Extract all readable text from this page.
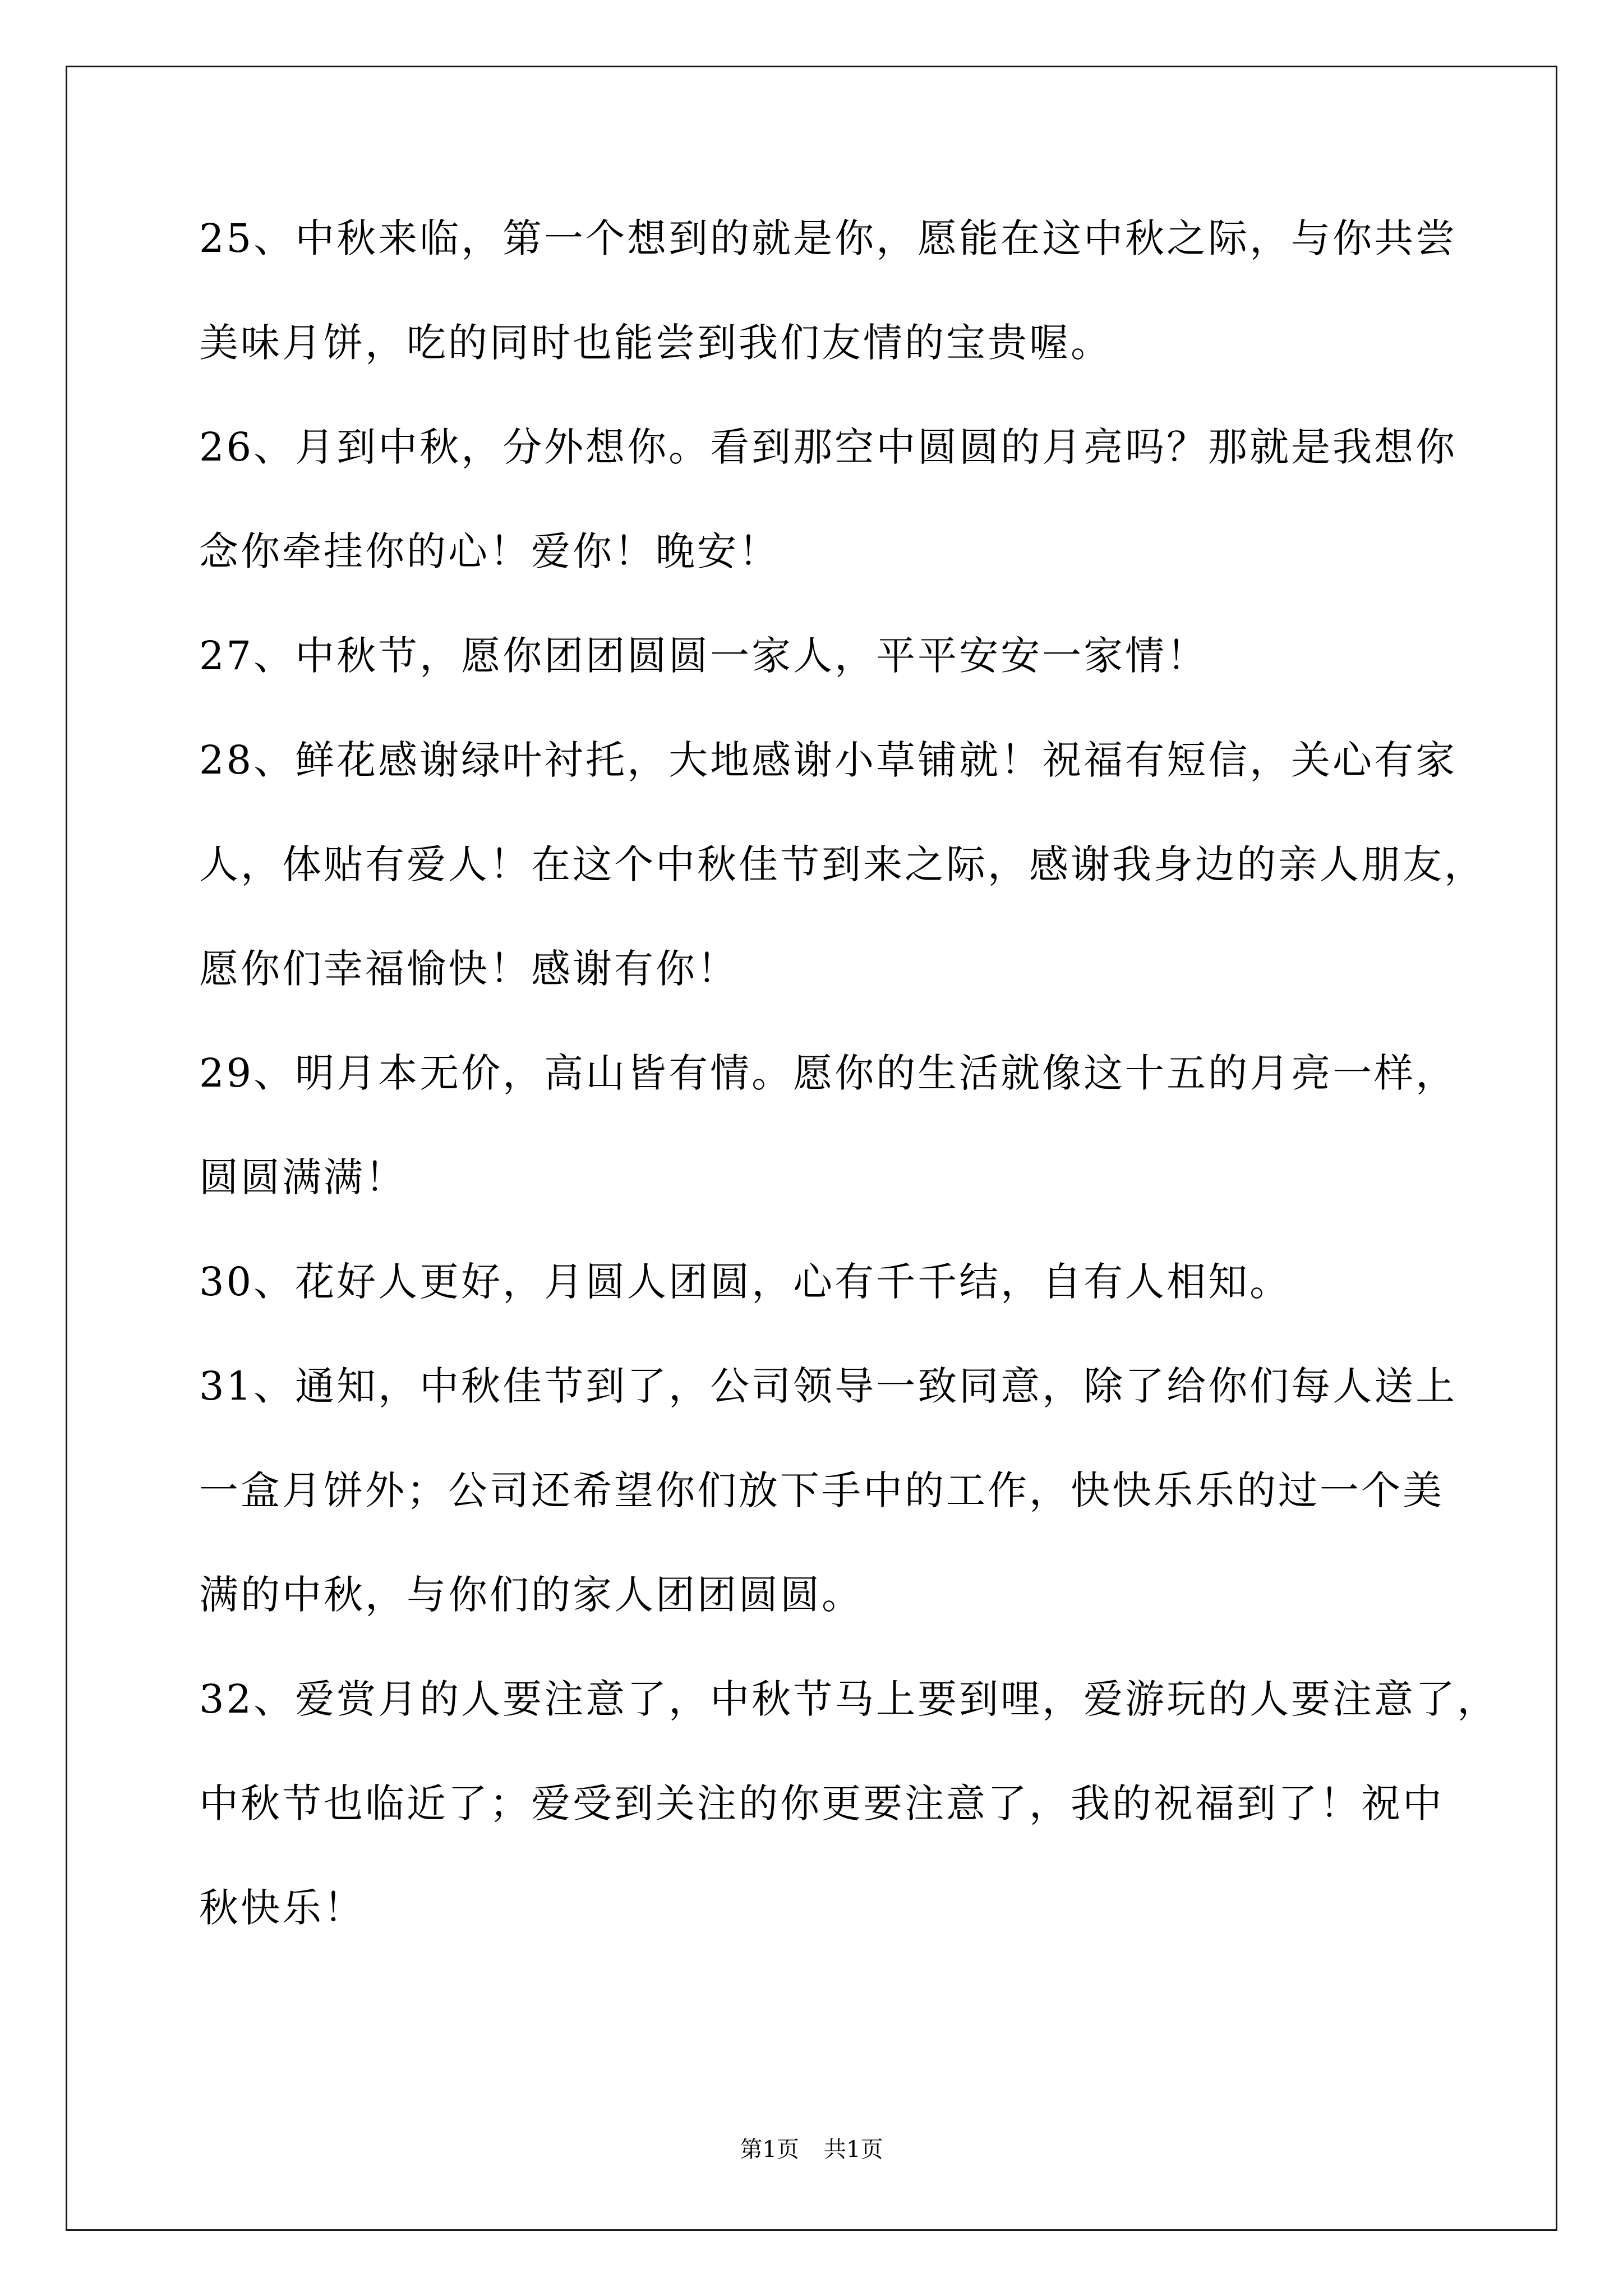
25、中秋来临，第一个想到的就是你，愿能在这中秋之际，与你共尝
美味月饼，吃的同时也能尝到我们友情的宝贵喔。
26、月到中秋，分外想你。看到那空中圆圆的月亮吗？那就是我想你
念你牵挂你的心！爱你！晚安！
27、中秋节，愿你团团圆圆一家人，平平安安一家情！
28、鲜花感谢绿叶衬托，大地感谢小草铺就！祝福有短信，关心有家
人，体贴有爱人！在这个中秋佳节到来之际，感谢我身边的亲人朋友，
愿你们幸福愉快！感谢有你！
29、明月本无价，高山皆有情。愿你的生活就像这十五的月亮一样，
圆圆满满！
30、花好人更好，月圆人团圆，心有千千结，自有人相知。
31、通知，中秋佳节到了，公司领导一致同意，除了给你们每人送上
一盒月饼外；公司还希望你们放下手中的工作，快快乐乐的过一个美
满的中秋，与你们的家人团团圆圆。
32、爱赏月的人要注意了，中秋节马上要到哩，爱游玩的人要注意了，
中秋节也临近了；爱受到关注的你更要注意了，我的祝福到了！祝中
秋快乐！
第1页 共1页
